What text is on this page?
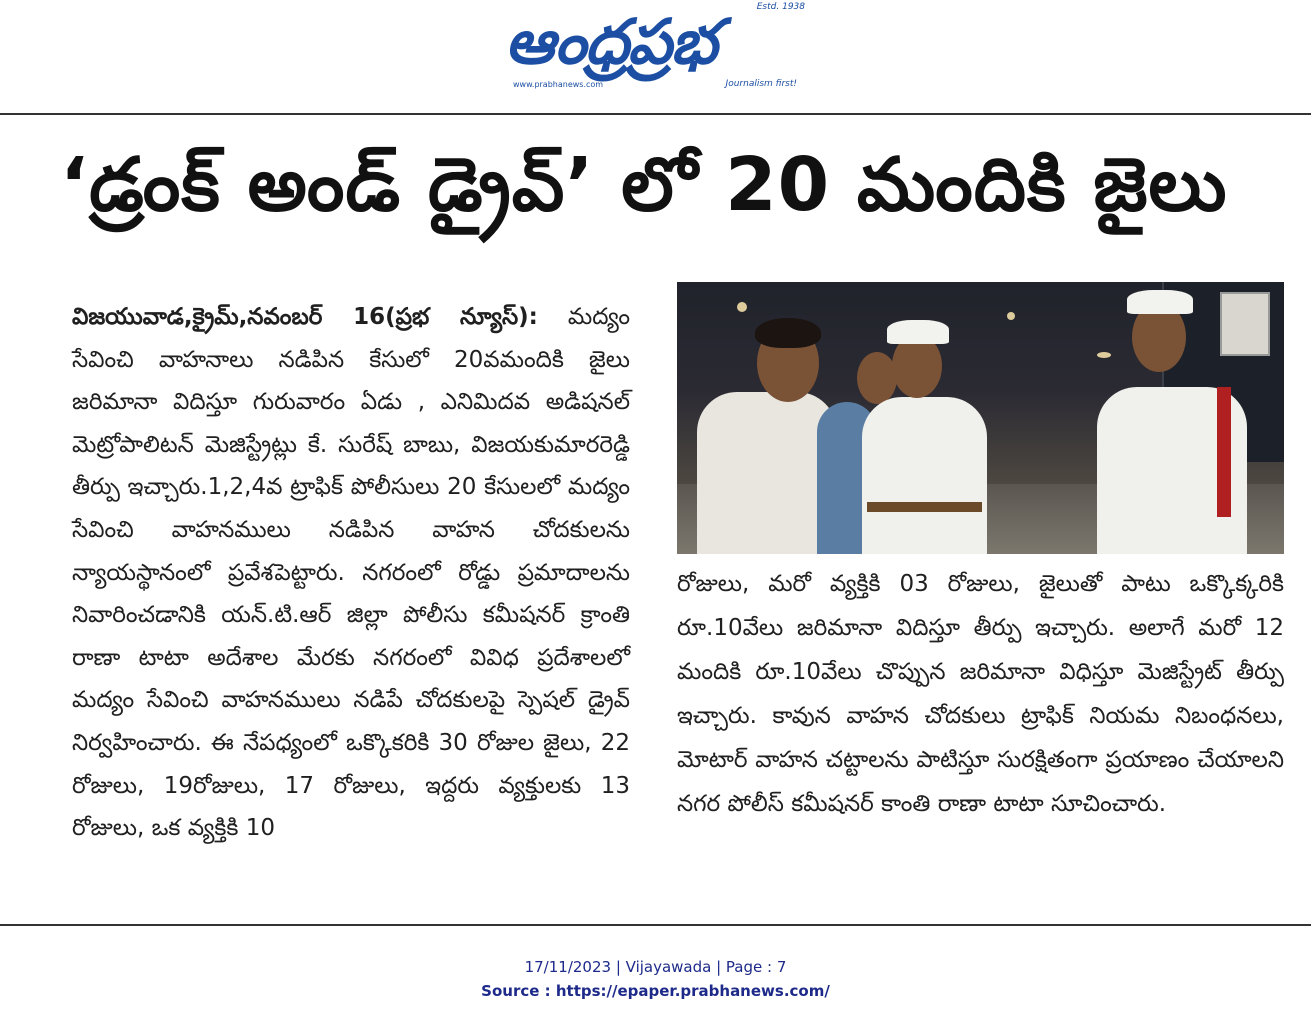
ఆంధ్రప్రభ	Estd. 1938
www.prabhanews.com	Journalism first!
‘డ్రంక్ అండ్ డ్రైవ్’ లో 20 మందికి జైలు

విజయువాడ,క్రైమ్,నవంబర్ 16(ప్రభ న్యూస్): మద్యం సేవించి వాహనాలు నడిపిన కేసులో 20వమందికి జైలు జరిమానా విదిస్తూ గురువారం ఏడు , ఎనిమిదవ అడిషనల్ మెట్రోపాలిటన్ మెజిస్ట్రేట్లు కే. సురేష్ బాబు, విజయకుమారరెడ్డి తీర్పు ఇచ్చారు.1,2,4వ ట్రాఫిక్ పోలీసులు 20 కేసులలో మద్యం సేవించి వాహనములు నడిపిన వాహన చోదకులను న్యాయస్థానంలో ప్రవేశపెట్టారు. నగరంలో రోడ్డు ప్రమాదాలను నివారించడానికి యన్.టి.ఆర్ జిల్లా పోలీసు కమీషనర్ క్రాంతి రాణా టాటా అదేశాల మేరకు నగరంలో వివిధ ప్రదేశాలలో మద్యం సేవించి వాహనములు నడిపే చోదకులపై స్పెషల్ డ్రైవ్ నిర్వహించారు. ఈ నేపధ్యంలో ఒక్కొకరికి 30 రోజుల జైలు, 22 రోజులు, 19రోజులు, 17 రోజులు, ఇద్దరు వ్యక్తులకు 13 రోజులు, ఒక వ్యక్తికి 10

రోజులు, మరో వ్యక్తికి 03 రోజులు, జైలుతో పాటు ఒక్కొక్కరికి రూ.10వేలు జరిమానా విదిస్తూ తీర్పు ఇచ్చారు. అలాగే మరో 12 మందికి రూ.10వేలు చొప్పున జరిమానా విధిస్తూ మెజిస్ట్రేట్ తీర్పు ఇచ్చారు. కావున వాహన చోదకులు ట్రాఫిక్ నియమ నిబంధనలు, మోటార్ వాహన చట్టాలను పాటిస్తూ సురక్షితంగా ప్రయాణం చేయాలని నగర పోలీస్ కమీషనర్ కాంతి రాణా టాటా సూచించారు.

17/11/2023 | Vijayawada | Page : 7
Source : https://epaper.prabhanews.com/
